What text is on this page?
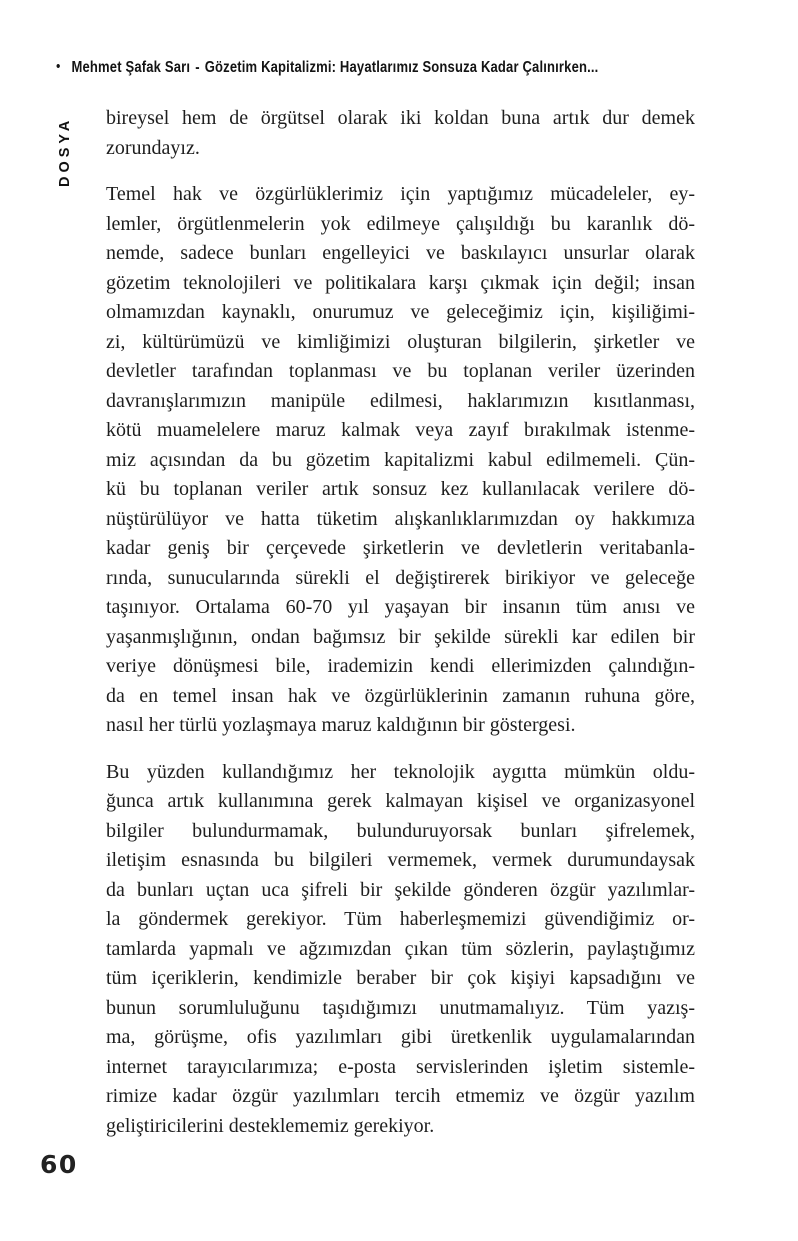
• Mehmet Şafak Sarı - Gözetim Kapitalizmi: Hayatlarımız Sonsuza Kadar Çalınırken...
DOSYA bireysel hem de örgütsel olarak iki koldan buna artık dur demek
zorundayız.

Temel hak ve özgürlüklerimiz için yaptığımız mücadeleler, ey-
lemler, örgütlenmelerin yok edilmeye çalışıldığı bu karanlık dö-
nemde, sadece bunları engelleyici ve baskılayıcı unsurlar olarak
gözetim teknolojileri ve politikalara karşı çıkmak için değil; insan
olmamızdan kaynaklı, onurumuz ve geleceğimiz için, kişiliğimi-
zi, kültürümüzü ve kimliğimizi oluşturan bilgilerin, şirketler ve
devletler tarafından toplanması ve bu toplanan veriler üzerinden
davranışlarımızın manipüle edilmesi, haklarımızın kısıtlanması,
kötü muamelelere maruz kalmak veya zayıf bırakılmak istenme-
miz açısından da bu gözetim kapitalizmi kabul edilmemeli. Çün-
kü bu toplanan veriler artık sonsuz kez kullanılacak verilere dö-
nüştürülüyor ve hatta tüketim alışkanlıklarımızdan oy hakkımıza
kadar geniş bir çerçevede şirketlerin ve devletlerin veritabanla-
rında, sunucularında sürekli el değiştirerek birikiyor ve geleceğe
taşınıyor. Ortalama 60-70 yıl yaşayan bir insanın tüm anısı ve
yaşanmışlığının, ondan bağımsız bir şekilde sürekli kar edilen bir
veriye dönüşmesi bile, irademizin kendi ellerimizden çalındığın-
da en temel insan hak ve özgürlüklerinin zamanın ruhuna göre,
nasıl her türlü yozlaşmaya maruz kaldığının bir göstergesi.

Bu yüzden kullandığımız her teknolojik aygıtta mümkün oldu-
ğunca artık kullanımına gerek kalmayan kişisel ve organizasyonel
bilgiler bulundurmamak, bulunduruyorsak bunları şifrelemek,
iletişim esnasında bu bilgileri vermemek, vermek durumundaysak
da bunları uçtan uca şifreli bir şekilde gönderen özgür yazılımlar-
la göndermek gerekiyor. Tüm haberleşmemizi güvendiğimiz or-
tamlarda yapmalı ve ağzımızdan çıkan tüm sözlerin, paylaştığımız
tüm içeriklerin, kendimizle beraber bir çok kişiyi kapsadığını ve
bunun sorumluluğunu taşıdığımızı unutmamalıyız. Tüm yazış-
ma, görüşme, ofis yazılımları gibi üretkenlik uygulamalarından
internet tarayıcılarımıza; e-posta servislerinden işletim sistemle-
rimize kadar özgür yazılımları tercih etmemiz ve özgür yazılım
geliştiricilerini desteklememiz gerekiyor.

60
